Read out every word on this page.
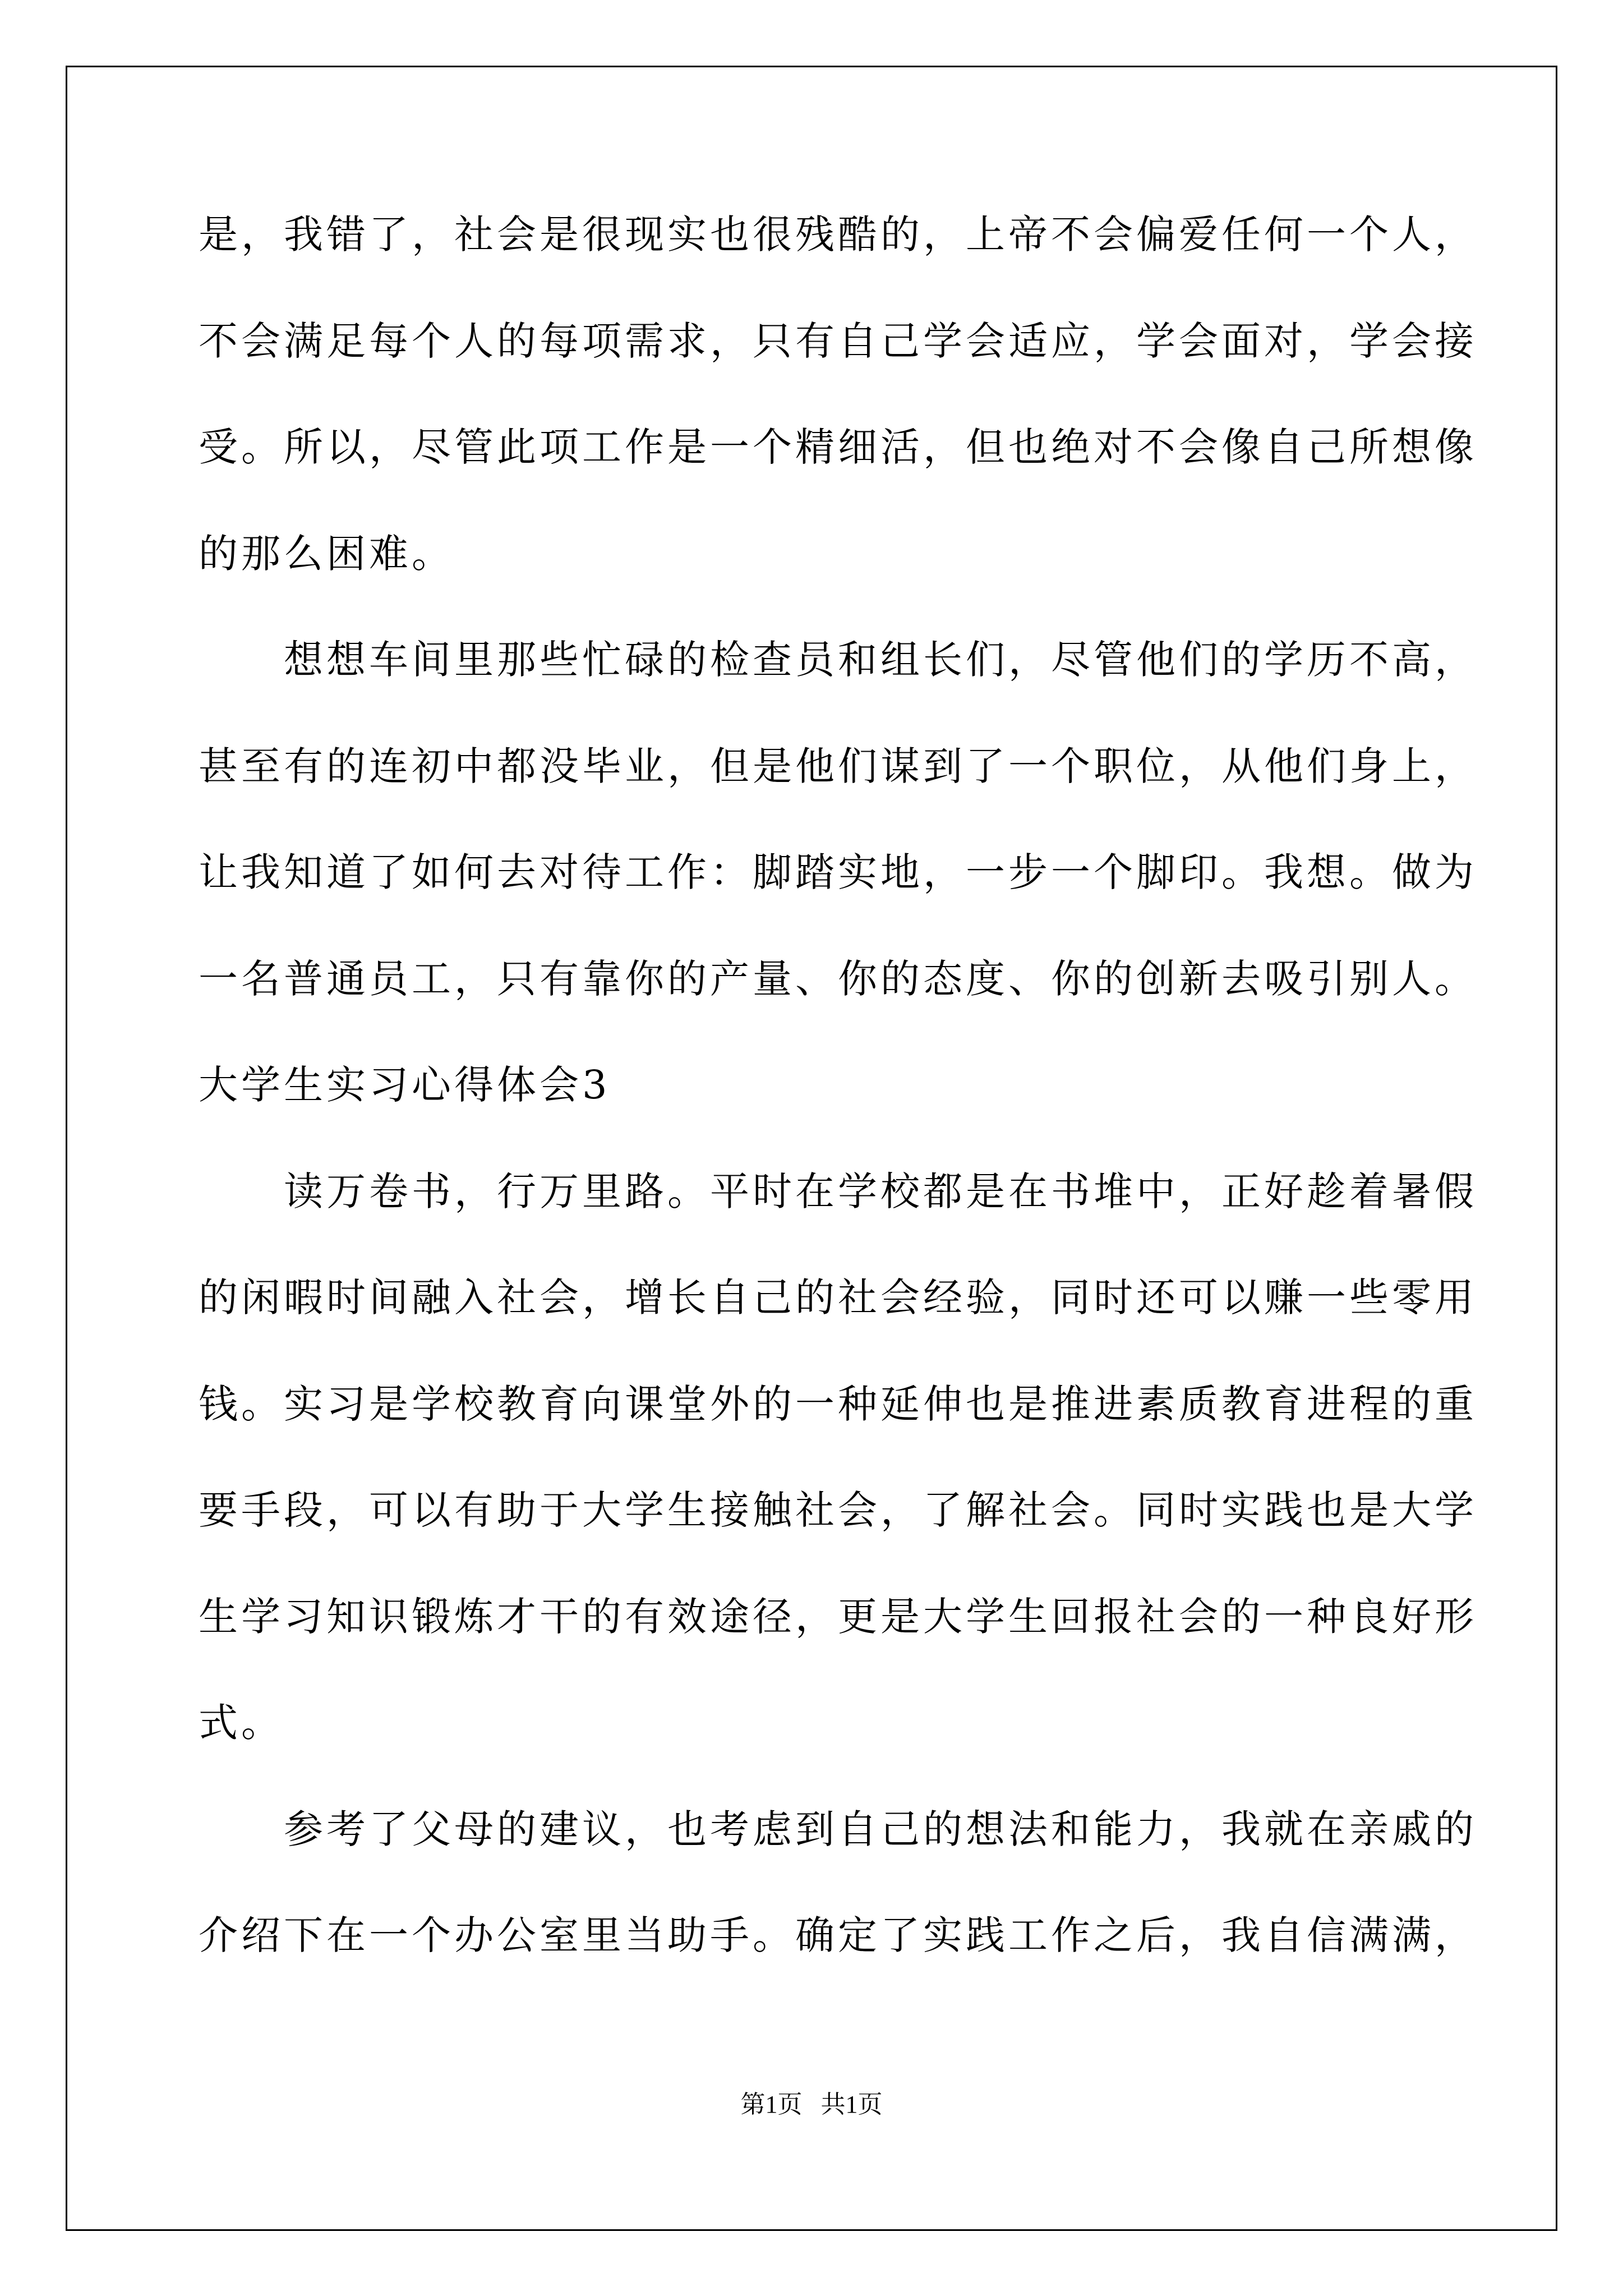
是，我错了，社会是很现实也很残酷的，上帝不会偏爱任何一个人，
不会满足每个人的每项需求，只有自己学会适应，学会面对，学会接
受。所以，尽管此项工作是一个精细活，但也绝对不会像自己所想像
的那么困难。
　　想想车间里那些忙碌的检查员和组长们，尽管他们的学历不高，
甚至有的连初中都没毕业，但是他们谋到了一个职位，从他们身上，
让我知道了如何去对待工作：脚踏实地，一步一个脚印。我想。做为
一名普通员工，只有靠你的产量、你的态度、你的创新去吸引别人。
大学生实习心得体会3
　　读万卷书，行万里路。平时在学校都是在书堆中，正好趁着暑假
的闲暇时间融入社会，增长自己的社会经验，同时还可以赚一些零用
钱。实习是学校教育向课堂外的一种延伸也是推进素质教育进程的重
要手段，可以有助于大学生接触社会，了解社会。同时实践也是大学
生学习知识锻炼才干的有效途径，更是大学生回报社会的一种良好形
式。
　　参考了父母的建议，也考虑到自己的想法和能力，我就在亲戚的
介绍下在一个办公室里当助手。确定了实践工作之后，我自信满满，
第1页   共1页
